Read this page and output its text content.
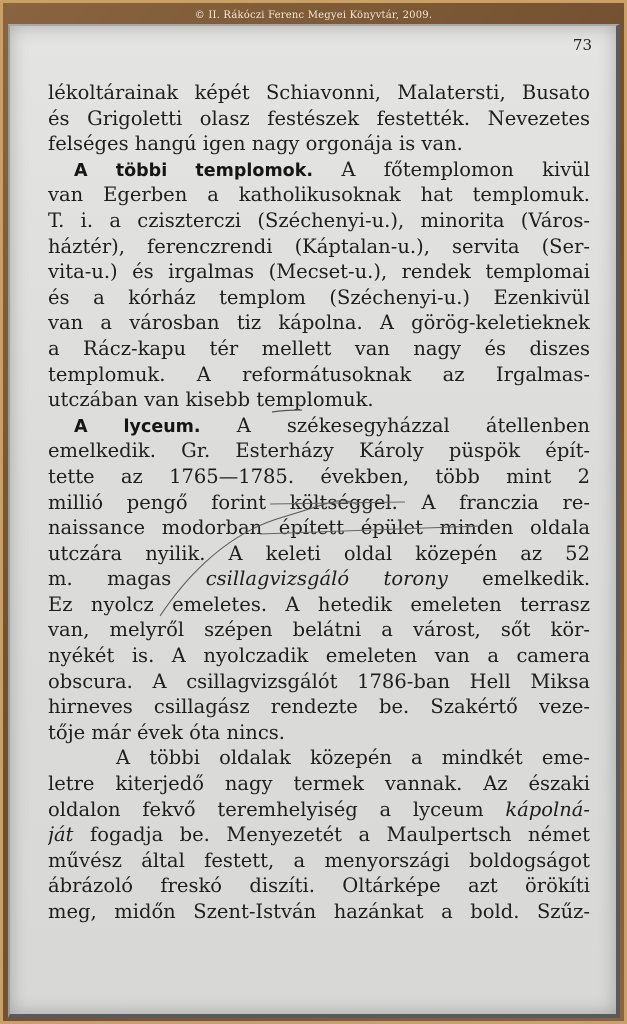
© II. Rákóczi Ferenc Megyei Könyvtár, 2009.
73
lékoltárainak képét Schiavonni, Malatersti, Busato
és Grigoletti olasz festészek festették. Nevezetes
felséges hangú igen nagy orgonája is van.
A többi templomok. A főtemplomon kivül
van Egerben a katholikusoknak hat templomuk.
T. i. a cziszterczi (Széchenyi-u.), minorita (Város-
háztér), ferenczrendi (Káptalan-u.), servita (Ser-
vita-u.) és irgalmas (Mecset-u.), rendek templomai
és a kórház templom (Széchenyi-u.) Ezenkivül
van a városban tiz kápolna. A görög-keletieknek
a Rácz-kapu tér mellett van nagy és diszes
templomuk. A reformátusoknak az Irgalmas-
utczában van kisebb templomuk.
A lyceum. A székesegyházzal átellenben
emelkedik. Gr. Esterházy Károly püspök épít-
tette az 1765—1785. években, több mint 2
millió pengő forint költséggel. A franczia re-
naissance modorban épített épület minden oldala
utczára nyilik. A keleti oldal közepén az 52
m. magas csillagvizsgáló torony emelkedik.
Ez nyolcz emeletes. A hetedik emeleten terrasz
van, melyről szépen belátni a várost, sőt kör-
nyékét is. A nyolczadik emeleten van a camera
obscura. A csillagvizsgálót 1786-ban Hell Miksa
hirneves csillagász rendezte be. Szakértő veze-
tője már évek óta nincs.
A többi oldalak közepén a mindkét eme-
letre kiterjedő nagy termek vannak. Az északi
oldalon fekvő teremhelyiség a lyceum kápolná-
ját fogadja be. Menyezetét a Maulpertsch német
művész által festett, a menyországi boldogságot
ábrázoló freskó diszíti. Oltárképe azt örökíti
meg, midőn Szent-István hazánkat a bold. Szűz-
